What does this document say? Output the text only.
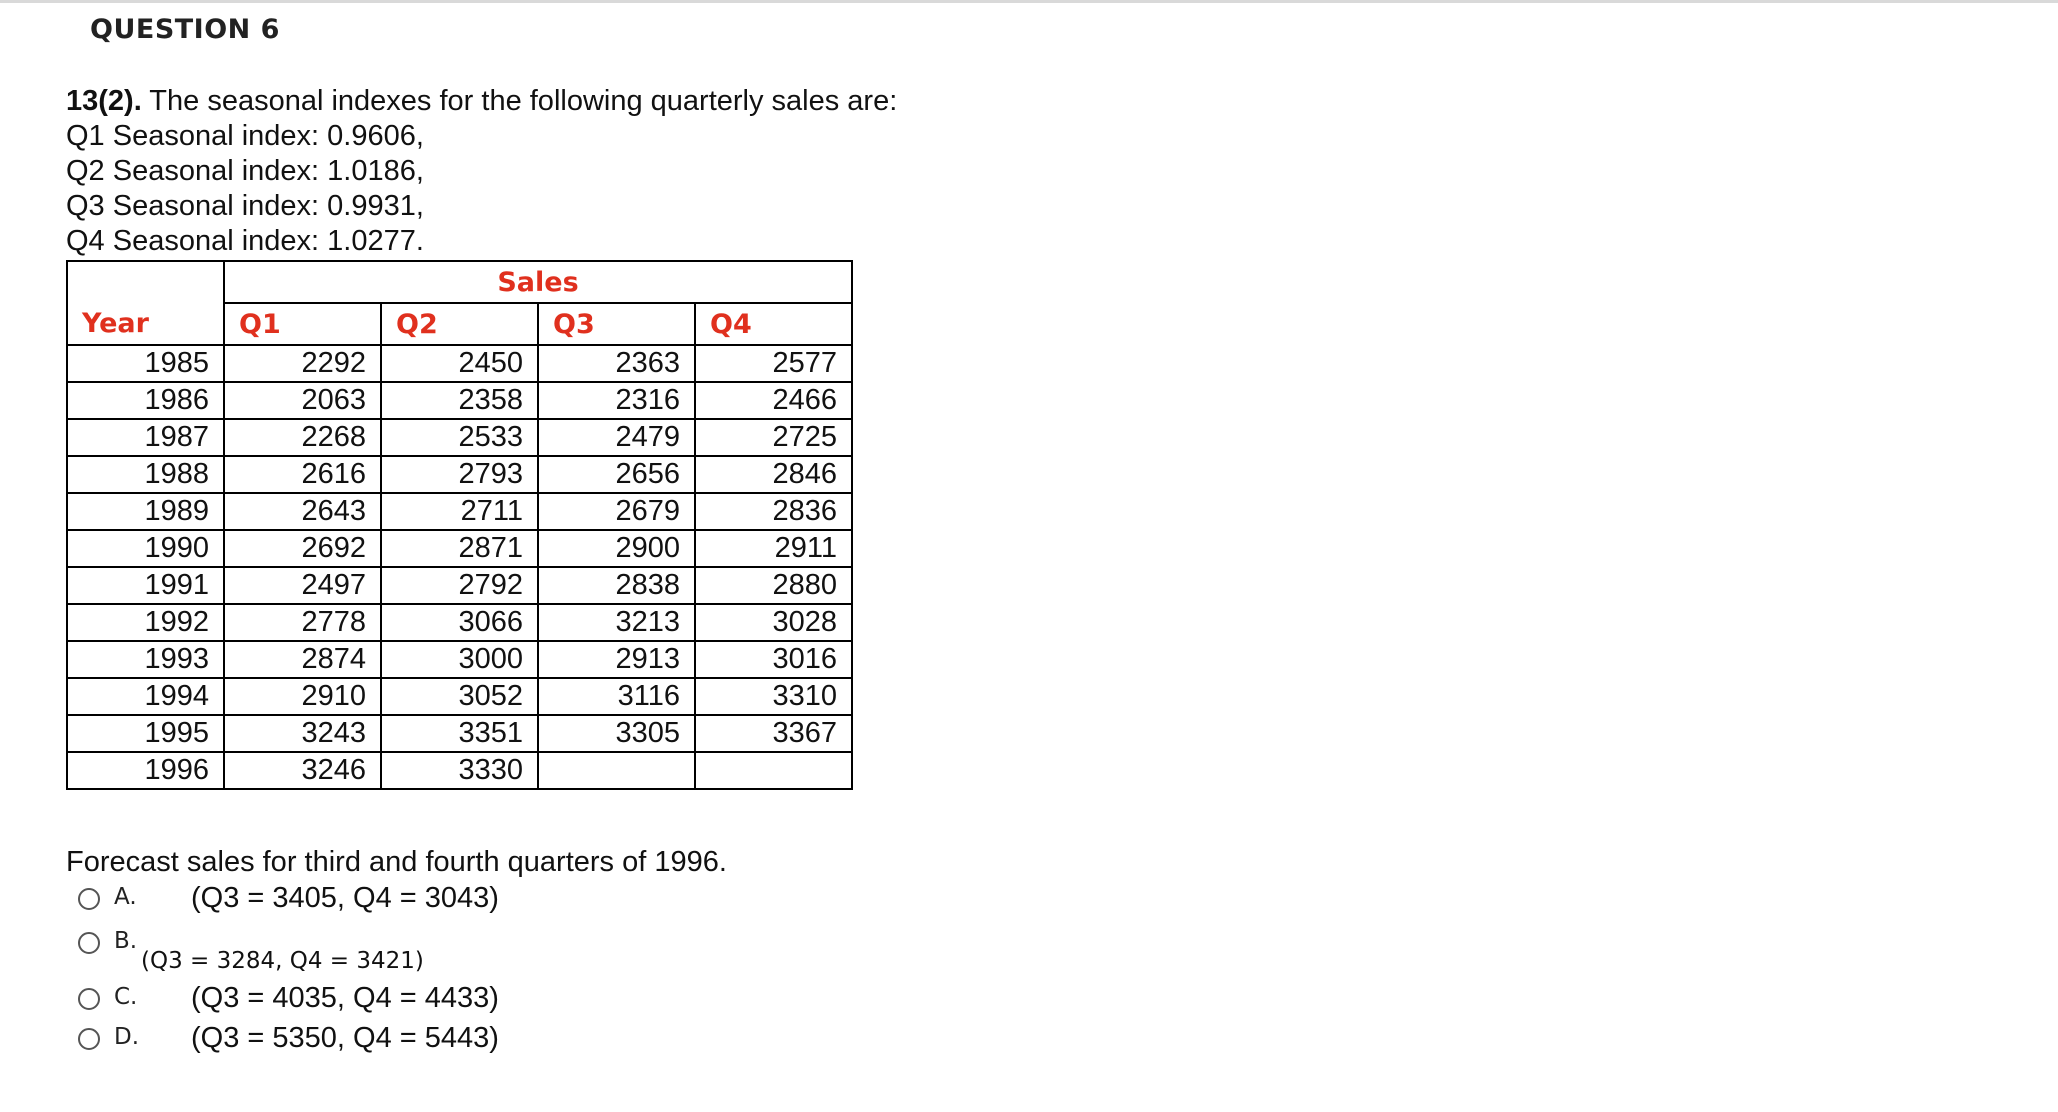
QUESTION 6
13(2). The seasonal indexes for the following quarterly sales are:
Q1 Seasonal index: 0.9606,
Q2 Seasonal index: 1.0186,
Q3 Seasonal index: 0.9931,
Q4 Seasonal index: 1.0277.
	Sales			
Year	Q1	Q2	Q3	Q4
1985	2292	2450	2363	2577
1986	2063	2358	2316	2466
1987	2268	2533	2479	2725
1988	2616	2793	2656	2846
1989	2643	2711	2679	2836
1990	2692	2871	2900	2911
1991	2497	2792	2838	2880
1992	2778	3066	3213	3028
1993	2874	3000	2913	3016
1994	2910	3052	3116	3310
1995	3243	3351	3305	3367
1996	3246	3330		
Forecast sales for third and fourth quarters of 1996.
A. (Q3 = 3405, Q4 = 3043)
B.
(Q3 = 3284, Q4 = 3421)
C. (Q3 = 4035, Q4 = 4433)
D. (Q3 = 5350, Q4 = 5443)
